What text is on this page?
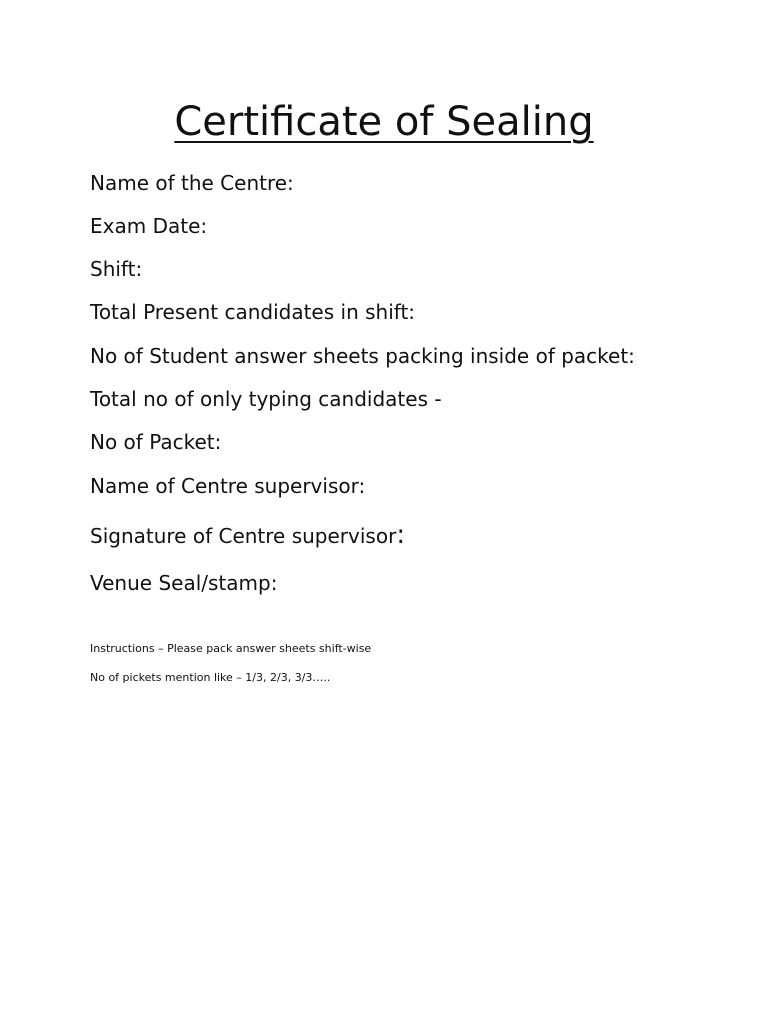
Certificate of Sealing
Name of the Centre:
Exam Date:
Shift:
Total Present candidates in shift:
No of Student answer sheets packing inside of packet:
Total no of only typing candidates -
No of Packet:
Name of Centre supervisor:
Signature of Centre supervisor:
Venue Seal/stamp:
Instructions – Please pack answer sheets shift-wise
No of pickets mention like – 1/3, 2/3, 3/3…..
